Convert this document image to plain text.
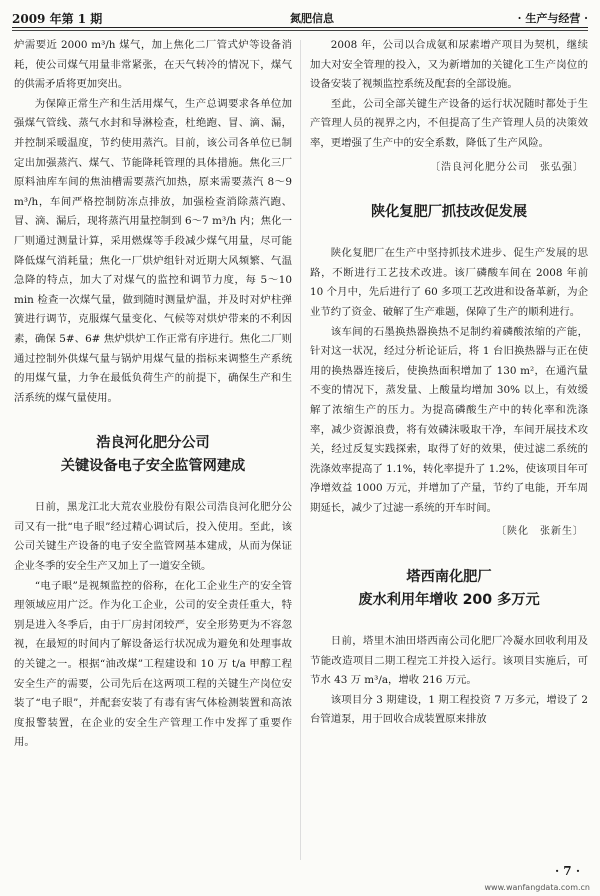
2009 年第 1 期	氮肥信息	· 生产与经营 ·

炉需要近 2000 m³/h 煤气，加上焦化二厂管式炉等设备消耗，使公司煤气用量非常紧张，在天气转冷的情况下，煤气的供需矛盾将更加突出。

为保障正常生产和生活用煤气，生产总调要求各单位加强煤气管线、蒸气水封和导淋检查，杜绝跑、冒、滴、漏，并控制采暖温度，节约使用蒸汽。目前，该公司各单位已制定出加强蒸汽、煤气、节能降耗管理的具体措施。焦化三厂原料油库车间的焦油槽需要蒸汽加热，原来需要蒸汽 8～9 m³/h，车间严格控制防冻点排放，加强检查消除蒸汽跑、冒、滴、漏后，现将蒸汽用量控制到 6～7 m³/h 内；焦化一厂则通过测量计算，采用燃煤等手段减少煤气用量，尽可能降低煤气消耗量；焦化一厂烘炉组针对近期大风频繁、气温急降的特点，加大了对煤气的监控和调节力度，每 5～10 min 检查一次煤气量，做到随时测量炉温，并及时对炉柱弹簧进行调节，克服煤气量变化、气候等对烘炉带来的不利因素，确保 5#、6# 焦炉烘炉工作正常有序进行。焦化二厂则通过控制外供煤气量与锅炉用煤气量的指标来调整生产系统的用煤气量，力争在最低负荷生产的前提下，确保生产和生活系统的煤气量使用。

浩良河化肥分公司
关键设备电子安全监管网建成

日前，黑龙江北大荒农业股份有限公司浩良河化肥分公司又有一批“电子眼”经过精心调试后，投入使用。至此，该公司关键生产设备的电子安全监管网基本建成，从而为保证企业冬季的安全生产又加上了一道安全锁。

“电子眼”是视频监控的俗称，在化工企业生产的安全管理领域应用广泛。作为化工企业，公司的安全责任重大，特别是进入冬季后，由于厂房封闭较严，安全形势更为不容忽视，在最短的时间内了解设备运行状况成为避免和处理事故的关键之一。根据“油改煤”工程建设和 10 万 t/a 甲醇工程安全生产的需要，公司先后在这两项工程的关键生产岗位安装了“电子眼”，并配套安装了有毒有害气体检测装置和高浓度报警装置，在企业的安全生产管理工作中发挥了重要作用。

2008 年，公司以合成氨和尿素增产项目为契机，继续加大对安全管理的投入，又为新增加的关键化工生产岗位的设备安装了视频监控系统及配套的全部设施。

至此，公司全部关键生产设备的运行状况随时都处于生产管理人员的视界之内，不但提高了生产管理人员的决策效率，更增强了生产中的安全系数，降低了生产风险。

〔浩良河化肥分公司　张弘强〕
陕化复肥厂抓技改促发展

陕化复肥厂在生产中坚持抓技术进步、促生产发展的思路，不断进行工艺技术改进。该厂磷酸车间在 2008 年前 10 个月中，先后进行了 60 多项工艺改进和设备革新，为企业节约了资金、破解了生产难题，保障了生产的顺利进行。

该车间的石墨换热器换热不足制约着磷酸浓缩的产能，针对这一状况，经过分析论证后，将 1 台旧换热器与正在使用的换热器连接后，使换热面积增加了 130 m²，在通汽量不变的情况下，蒸发量、上酸量均增加 30% 以上，有效缓解了浓缩生产的压力。为提高磷酸生产中的转化率和洗涤率，减少资源浪费，将有效磷沫吸取干净，车间开展技术攻关，经过反复实践探索，取得了好的效果，使过滤二系统的洗涤效率提高了 1.1%，转化率提升了 1.2%，使该项目年可净增效益 1000 万元，并增加了产量，节约了电能，开车周期延长，减少了过滤一系统的开车时间。

〔陕化　张新生〕
塔西南化肥厂
废水利用年增收 200 多万元

日前，塔里木油田塔西南公司化肥厂冷凝水回收利用及节能改造项目二期工程完工并投入运行。该项目实施后，可节水 43 万 m³/a，增收 216 万元。

该项目分 3 期建设，1 期工程投资 7 万多元，增设了 2 台管道泵，用于回收合成装置原来排放

· 7 ·
www.wanfangdata.com.cn
